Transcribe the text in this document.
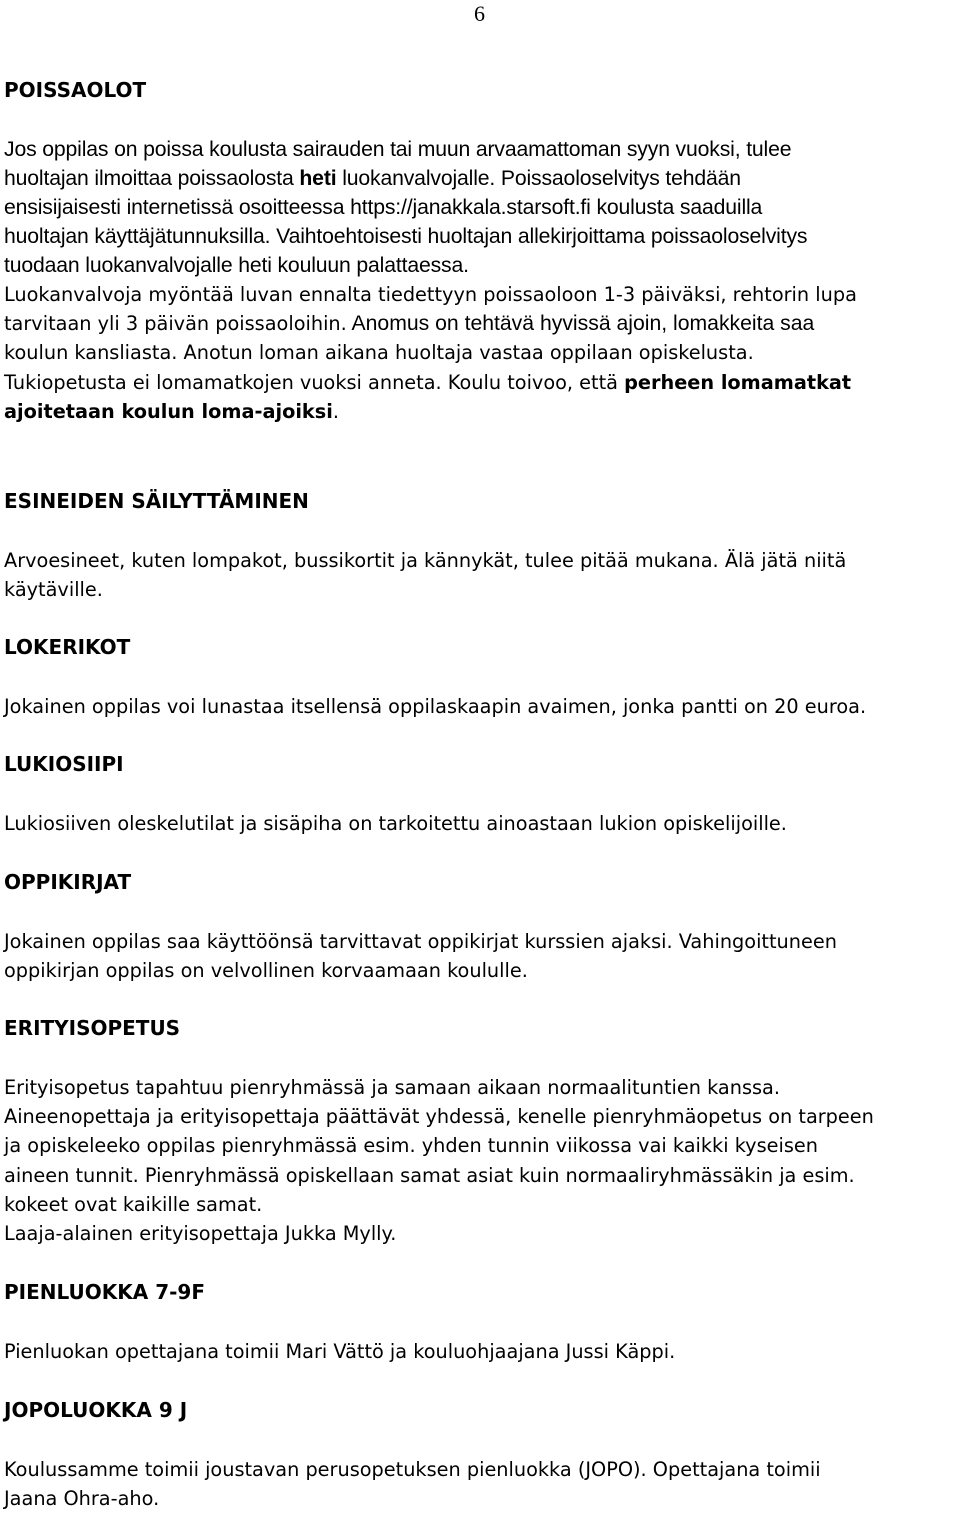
6
POISSAOLOT

Jos oppilas on poissa koulusta sairauden tai muun arvaamattoman syyn vuoksi, tulee

huoltajan ilmoittaa poissaolosta heti luokanvalvojalle. Poissaoloselvitys tehdään

ensisijaisesti internetissä osoitteessa https://janakkala.starsoft.fi koulusta saaduilla

huoltajan käyttäjätunnuksilla. Vaihtoehtoisesti huoltajan allekirjoittama poissaoloselvitys

tuodaan luokanvalvojalle heti kouluun palattaessa.

Luokanvalvoja myöntää luvan ennalta tiedettyyn poissaoloon 1-3 päiväksi, rehtorin lupa

tarvitaan yli 3 päivän poissaoloihin. Anomus on tehtävä hyvissä ajoin, lomakkeita saa

koulun kansliasta. Anotun loman aikana huoltaja vastaa oppilaan opiskelusta.

Tukiopetusta ei lomamatkojen vuoksi anneta. Koulu toivoo, että perheen lomamatkat

ajoitetaan koulun loma-ajoiksi.

ESINEIDEN SÄILYTTÄMINEN

Arvoesineet, kuten lompakot, bussikortit ja kännykät, tulee pitää mukana. Älä jätä niitä

käytäville.

LOKERIKOT

Jokainen oppilas voi lunastaa itsellensä oppilaskaapin avaimen, jonka pantti on 20 euroa.

LUKIOSIIPI

Lukiosiiven oleskelutilat ja sisäpiha on tarkoitettu ainoastaan lukion opiskelijoille.

OPPIKIRJAT

Jokainen oppilas saa käyttöönsä tarvittavat oppikirjat kurssien ajaksi. Vahingoittuneen

oppikirjan oppilas on velvollinen korvaamaan koululle.

ERITYISOPETUS

Erityisopetus tapahtuu pienryhmässä ja samaan aikaan normaalituntien kanssa.

Aineenopettaja ja erityisopettaja päättävät yhdessä, kenelle pienryhmäopetus on tarpeen

ja opiskeleeko oppilas pienryhmässä esim. yhden tunnin viikossa vai kaikki kyseisen

aineen tunnit. Pienryhmässä opiskellaan samat asiat kuin normaaliryhmässäkin ja esim.

kokeet ovat kaikille samat.

Laaja-alainen erityisopettaja Jukka Mylly.

PIENLUOKKA 7-9F

Pienluokan opettajana toimii Mari Vättö ja kouluohjaajana Jussi Käppi.

JOPOLUOKKA 9 J

Koulussamme toimii joustavan perusopetuksen pienluokka (JOPO). Opettajana toimii

Jaana Ohra-aho.
